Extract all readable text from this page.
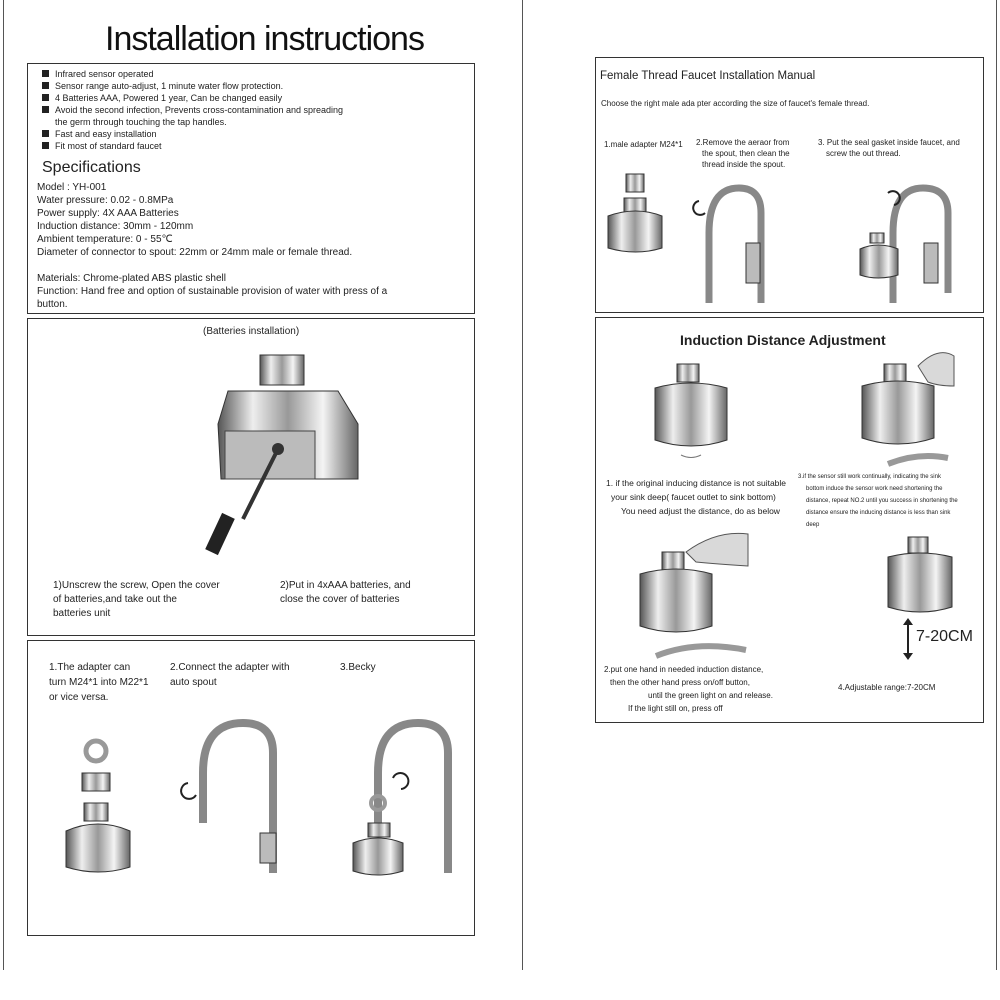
Installation instructions
Infrared sensor operated
Sensor range auto-adjust, 1 minute water flow protection.
4 Batteries AAA, Powered 1 year, Can be changed easily
Avoid the second infection, Prevents cross-contamination and spreading
the germ through touching the tap handles.
Fast and easy installation
Fit most of standard faucet
Specifications
Model : YH-001
Water pressure: 0.02 - 0.8MPa
Power supply: 4X AAA Batteries
Induction distance: 30mm - 120mm
Ambient temperature: 0 - 55℃
Diameter of connector to spout: 22mm or 24mm male or female thread.
Materials: Chrome-plated ABS plastic shell
Function: Hand free and option of sustainable provision of water with press of a
button.
(Batteries installation)
1)Unscrew the screw, Open the cover
of batteries,and take out the
batteries unit
2)Put in 4xAAA batteries, and
close the cover of batteries
1.The adapter can
turn M24*1 into M22*1
or vice versa.
2.Connect the adapter with
auto spout
3.Becky
Female Thread Faucet Installation Manual
Choose the right male ada pter according the size of faucet's female thread.
1.male adapter M24*1 2.Remove the aeraor from
the spout, then clean the
thread inside the spout.
3. Put the seal gasket inside faucet, and
screw the out thread.
Induction Distance Adjustment
1. if the original inducing distance is not suitable
your sink deep( faucet outlet to sink bottom)
You need adjust the distance, do as below
3.if the sensor still work continually, indicating the sink
bottom induce the sensor work need shortening the
distance, repeat NO.2 until you success in shortening the
distance ensure the inducing distance is less than sink
deep
7-20CM
2.put one hand in needed induction distance,
then the other hand press on/off button,
until the green light on and release.
If the light still on, press off
4.Adjustable range:7-20CM
